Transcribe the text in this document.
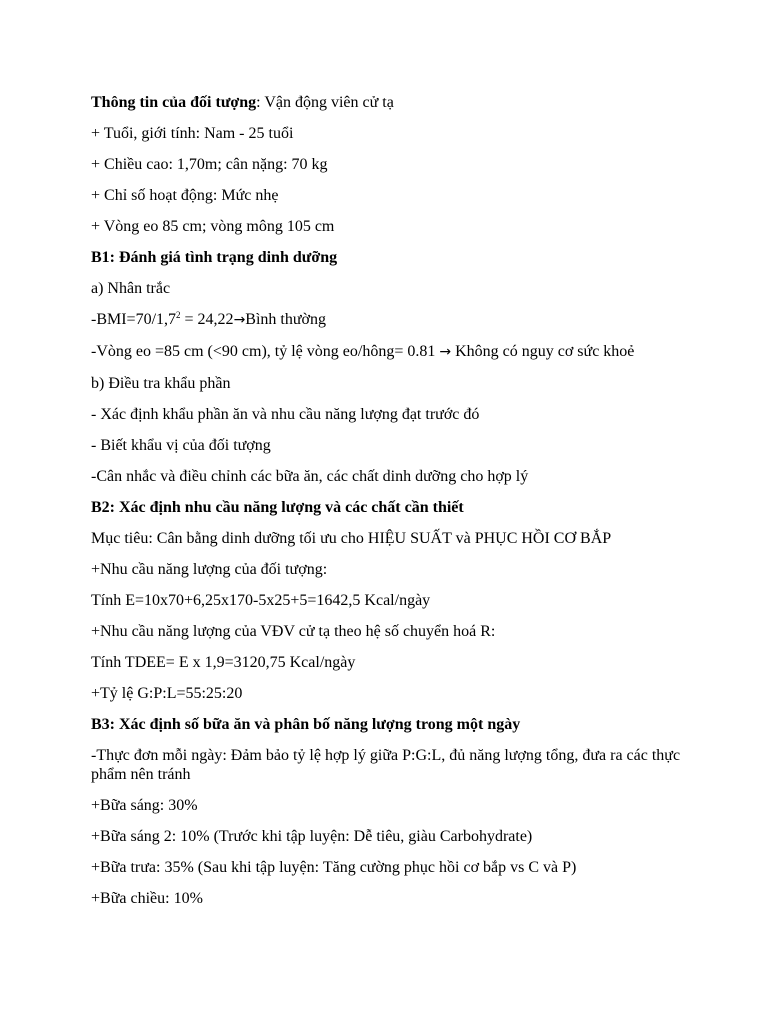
Thông tin của đối tượng: Vận động viên cử tạ

+ Tuổi, giới tính: Nam - 25 tuổi

+ Chiều cao: 1,70m; cân nặng: 70 kg

+ Chỉ số hoạt động: Mức nhẹ

+ Vòng eo 85 cm; vòng mông 105 cm

B1: Đánh giá tình trạng dinh dưỡng

a) Nhân trắc

$-BMI=70/1,7^2$ = 24,22→Bình thường

-Vòng eo =85 cm (<90 cm), tỷ lệ vòng eo/hông= 0.81 → Không có nguy cơ sức khoẻ

b) Điều tra khẩu phần

- Xác định khẩu phần ăn và nhu cầu năng lượng đạt trước đó

- Biết khẩu vị của đối tượng

-Cân nhắc và điều chỉnh các bữa ăn, các chất dinh dưỡng cho hợp lý

B2: Xác định nhu cầu năng lượng và các chất cần thiết

Mục tiêu: Cân bằng dinh dưỡng tối ưu cho HIỆU SUẤT và PHỤC HỒI CƠ BẮP

+Nhu cầu năng lượng của đối tượng:

Tính E=10x70+6,25x170-5x25+5=1642,5 Kcal/ngày

+Nhu cầu năng lượng của VĐV cử tạ theo hệ số chuyển hoá R:

Tính TDEE= E x 1,9=3120,75 Kcal/ngày

+Tỷ lệ G:P:L=55:25:20

B3: Xác định số bữa ăn và phân bố năng lượng trong một ngày

-Thực đơn mỗi ngày: Đảm bảo tỷ lệ hợp lý giữa P:G:L, đủ năng lượng tổng, đưa ra các thực phẩm nên tránh

+Bữa sáng: 30%

+Bữa sáng 2: 10% (Trước khi tập luyện: Dễ tiêu, giàu Carbohydrate)

+Bữa trưa: 35% (Sau khi tập luyện: Tăng cường phục hồi cơ bắp vs C và P)

+Bữa chiều: 10%
